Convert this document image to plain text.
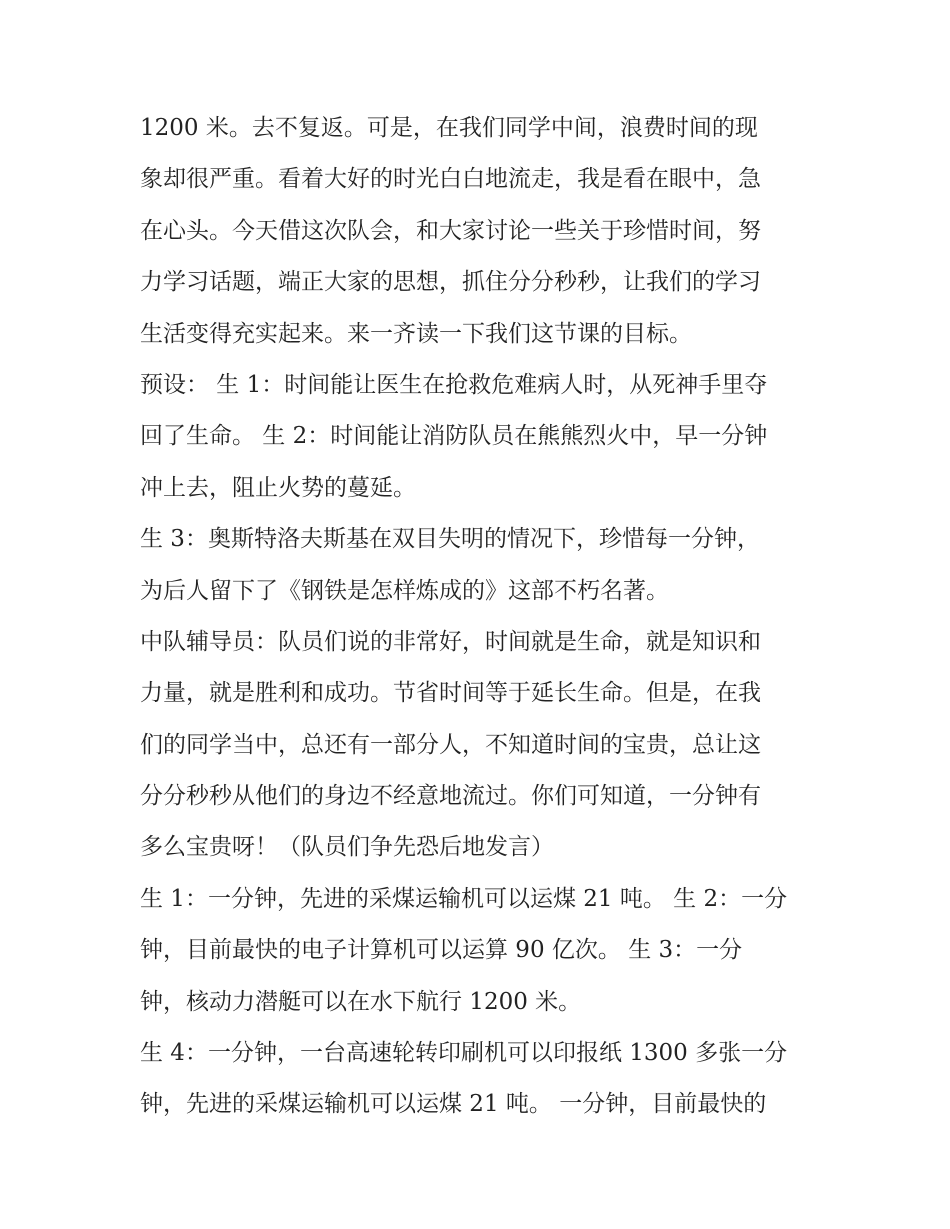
1200 米。去不复返。可是，在我们同学中间，浪费时间的现
象却很严重。看着大好的时光白白地流走，我是看在眼中，急
在心头。今天借这次队会，和大家讨论一些关于珍惜时间，努
力学习话题，端正大家的思想，抓住分分秒秒，让我们的学习
生活变得充实起来。来一齐读一下我们这节课的目标。
预设： 生 1：时间能让医生在抢救危难病人时，从死神手里夺
回了生命。 生 2：时间能让消防队员在熊熊烈火中，早一分钟
冲上去，阻止火势的蔓延。
生 3：奥斯特洛夫斯基在双目失明的情况下，珍惜每一分钟，
为后人留下了《钢铁是怎样炼成的》这部不朽名著。
中队辅导员：队员们说的非常好，时间就是生命，就是知识和
力量，就是胜利和成功。节省时间等于延长生命。但是，在我
们的同学当中，总还有一部分人，不知道时间的宝贵，总让这
分分秒秒从他们的身边不经意地流过。你们可知道，一分钟有
多么宝贵呀！（队员们争先恐后地发言）
生 1：一分钟，先进的采煤运输机可以运煤 21 吨。 生 2：一分
钟，目前最快的电子计算机可以运算 90 亿次。 生 3：一分
钟，核动力潜艇可以在水下航行 1200 米。
生 4：一分钟，一台高速轮转印刷机可以印报纸 1300 多张一分
钟，先进的采煤运输机可以运煤 21 吨。 一分钟，目前最快的
